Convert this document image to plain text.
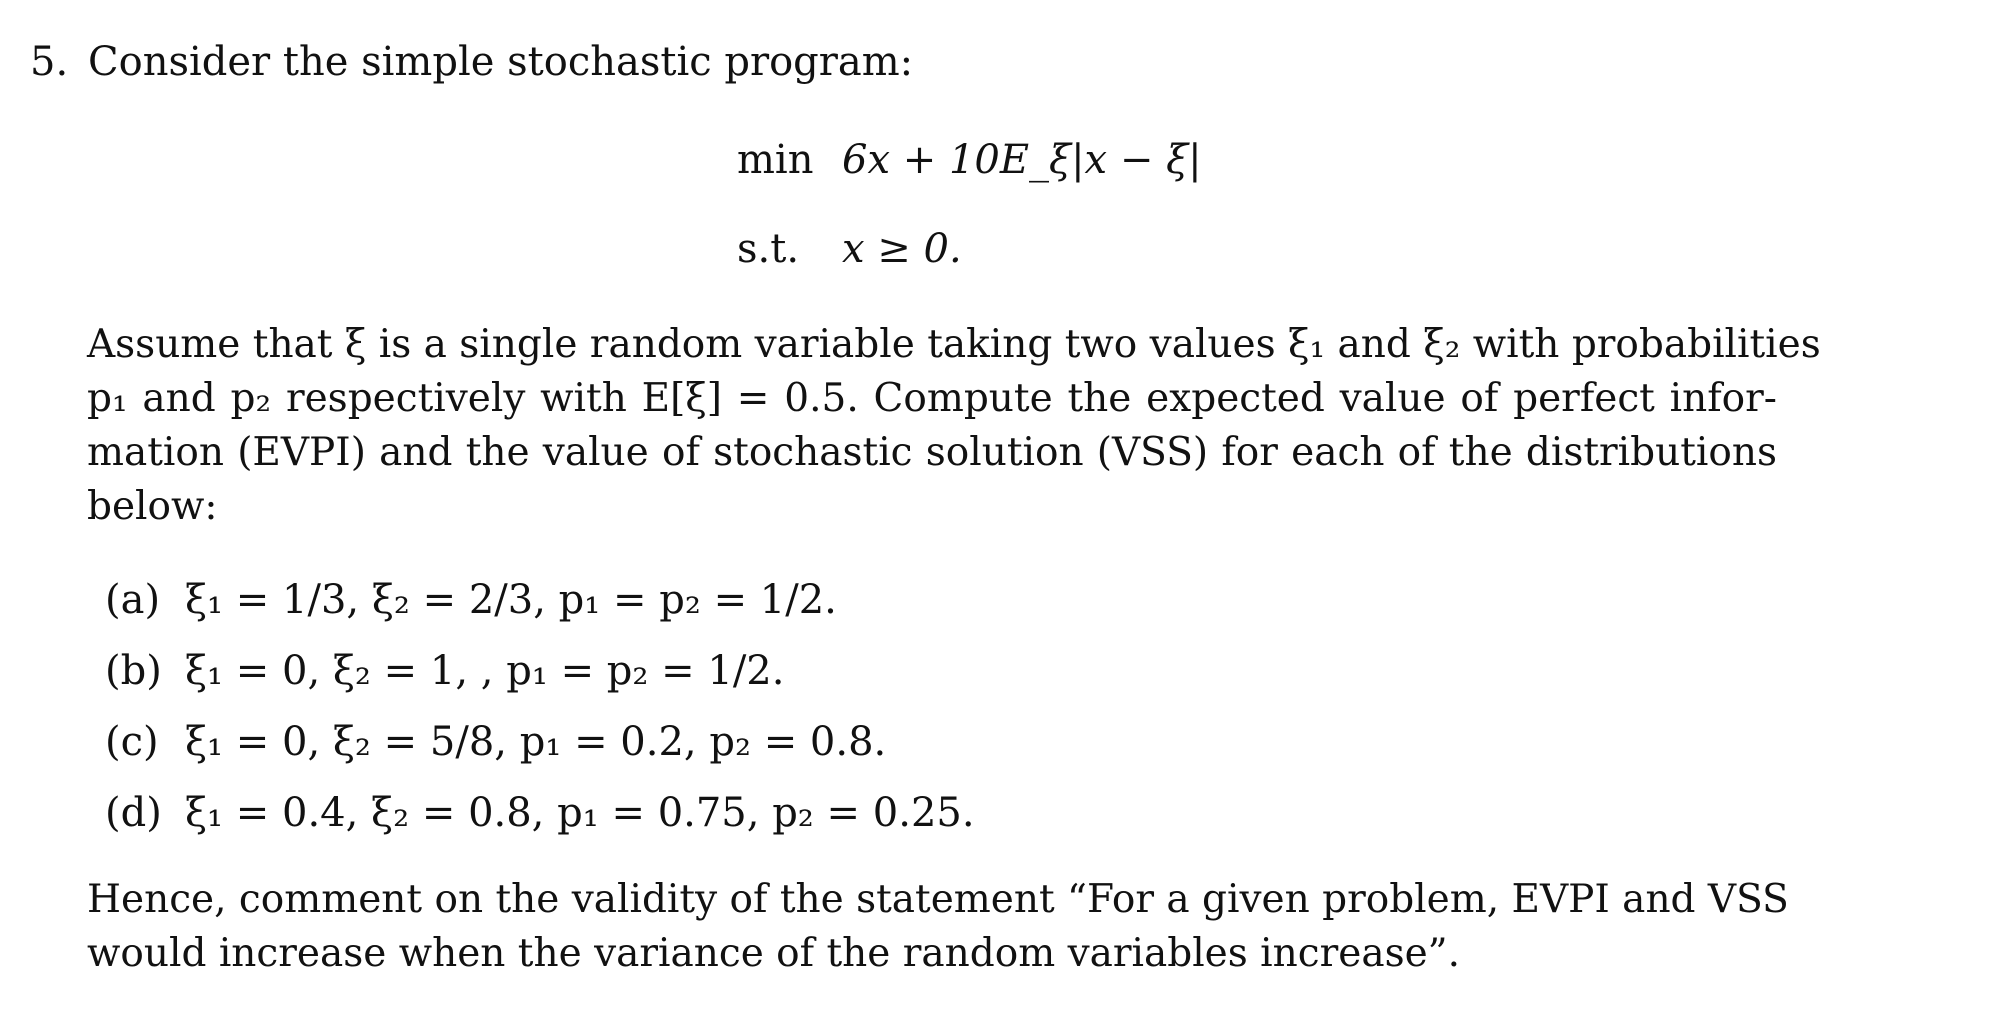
5. Consider the simple stochastic program:
min 6x + 10E_ξ|x − ξ|
s.t. x ≥ 0.
Assume that ξ is a single random variable taking two values ξ₁ and ξ₂ with probabilities
p₁ and p₂ respectively with E[ξ] = 0.5. Compute the expected value of perfect infor-
mation (EVPI) and the value of stochastic solution (VSS) for each of the distributions
below:
(a) ξ₁ = 1/3, ξ₂ = 2/3, p₁ = p₂ = 1/2.
(b) ξ₁ = 0, ξ₂ = 1, , p₁ = p₂ = 1/2.
(c) ξ₁ = 0, ξ₂ = 5/8, p₁ = 0.2, p₂ = 0.8.
(d) ξ₁ = 0.4, ξ₂ = 0.8, p₁ = 0.75, p₂ = 0.25.
Hence, comment on the validity of the statement “For a given problem, EVPI and VSS
would increase when the variance of the random variables increase”.
